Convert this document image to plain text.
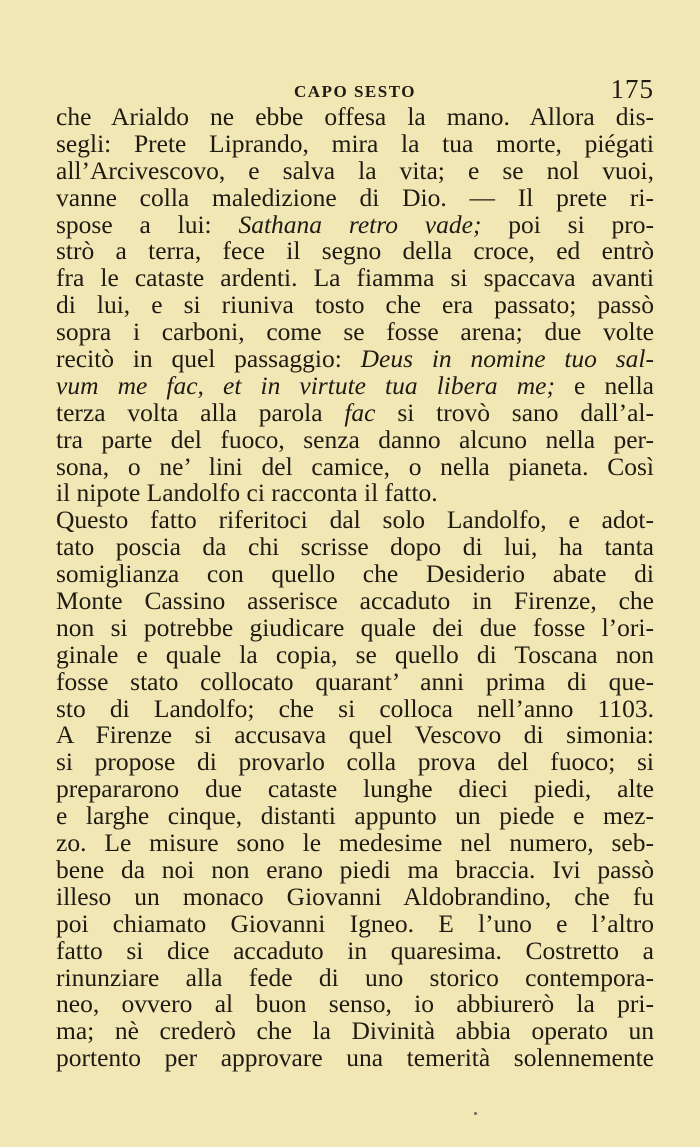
CAPO SESTO	175
che Arialdo ne ebbe offesa la mano. Allora dis-
segli: Prete Liprando, mira la tua morte, piégati
all’Arcivescovo, e salva la vita; e se nol vuoi,
vanne colla maledizione di Dio. — Il prete ri-
spose a lui: Sathana retro vade; poi si pro-
strò a terra, fece il segno della croce, ed entrò
fra le cataste ardenti. La fiamma si spaccava avanti
di lui, e si riuniva tosto che era passato; passò
sopra i carboni, come se fosse arena; due volte
recitò in quel passaggio: Deus in nomine tuo sal-
vum me fac, et in virtute tua libera me; e nella
terza volta alla parola fac si trovò sano dall’al-
tra parte del fuoco, senza danno alcuno nella per-
sona, o ne’ lini del camice, o nella pianeta. Così
il nipote Landolfo ci racconta il fatto.
Questo fatto riferitoci dal solo Landolfo, e adot-
tato poscia da chi scrisse dopo di lui, ha tanta
somiglianza con quello che Desiderio abate di
Monte Cassino asserisce accaduto in Firenze, che
non si potrebbe giudicare quale dei due fosse l’ori-
ginale e quale la copia, se quello di Toscana non
fosse stato collocato quarant’ anni prima di que-
sto di Landolfo; che si colloca nell’anno 1103.
A Firenze si accusava quel Vescovo di simonia:
si propose di provarlo colla prova del fuoco; si
prepararono due cataste lunghe dieci piedi, alte
e larghe cinque, distanti appunto un piede e mez-
zo. Le misure sono le medesime nel numero, seb-
bene da noi non erano piedi ma braccia. Ivi passò
illeso un monaco Giovanni Aldobrandino, che fu
poi chiamato Giovanni Igneo. E l’uno e l’altro
fatto si dice accaduto in quaresima. Costretto a
rinunziare alla fede di uno storico contempora-
neo, ovvero al buon senso, io abbiurerò la pri-
ma; nè crederò che la Divinità abbia operato un
portento per approvare una temerità solennemente
